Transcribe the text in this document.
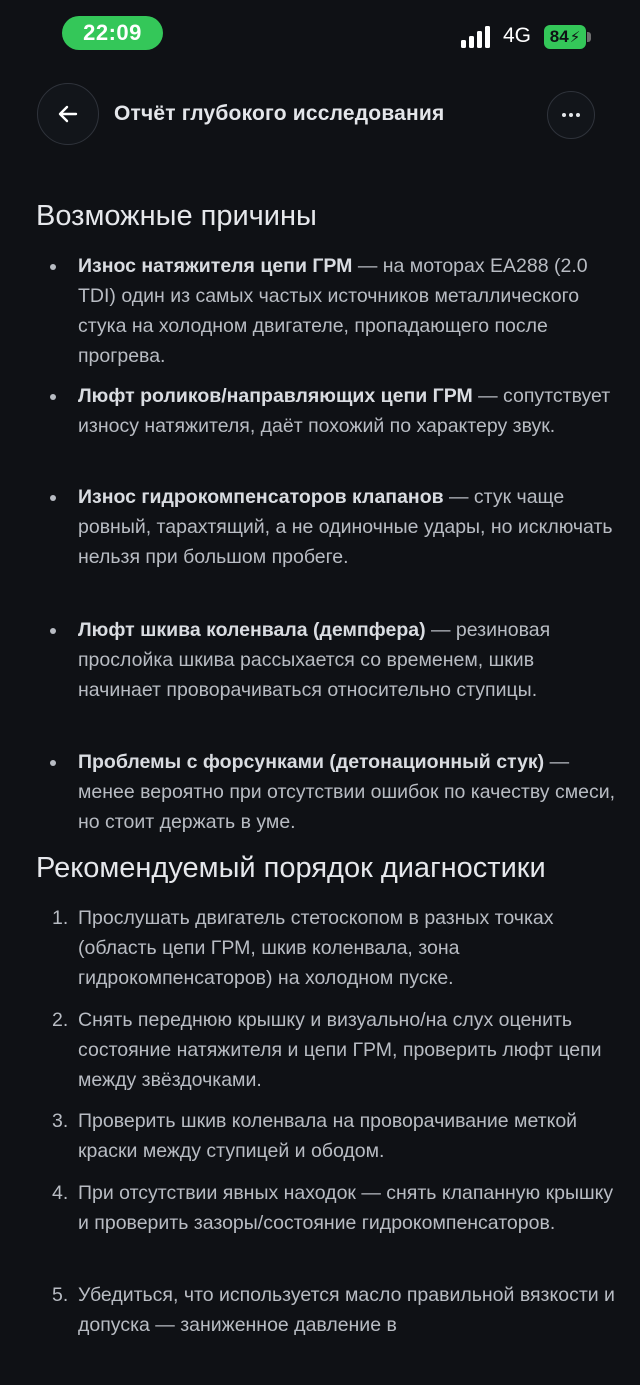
22:09	4G 84 ⚡
Отчёт глубокого исследования
Возможные причины
Износ натяжителя цепи ГРМ — на моторах EA288 (2.0 TDI) один из самых частых источников металлического стука на холодном двигателе, пропадающего после прогрева.
Люфт роликов/направляющих цепи ГРМ — сопутствует износу натяжителя, даёт похожий по характеру звук.
Износ гидрокомпенсаторов клапанов — стук чаще ровный, тарахтящий, а не одиночные удары, но исключать нельзя при большом пробеге.
Люфт шкива коленвала (демпфера) — резиновая прослойка шкива рассыхается со временем, шкив начинает проворачиваться относительно ступицы.
Проблемы с форсунками (детонационный стук) — менее вероятно при отсутствии ошибок по качеству смеси, но стоит держать в уме.
Рекомендуемый порядок диагностики
1. Прослушать двигатель стетоскопом в разных точках (область цепи ГРМ, шкив коленвала, зона гидрокомпенсаторов) на холодном пуске.
2. Снять переднюю крышку и визуально/на слух оценить состояние натяжителя и цепи ГРМ, проверить люфт цепи между звёздочками.
3. Проверить шкив коленвала на проворачивание меткой краски между ступицей и ободом.
4. При отсутствии явных находок — снять клапанную крышку и проверить зазоры/состояние гидрокомпенсаторов.
5. Убедиться, что используется масло правильной вязкости и допуска — заниженное давление в
